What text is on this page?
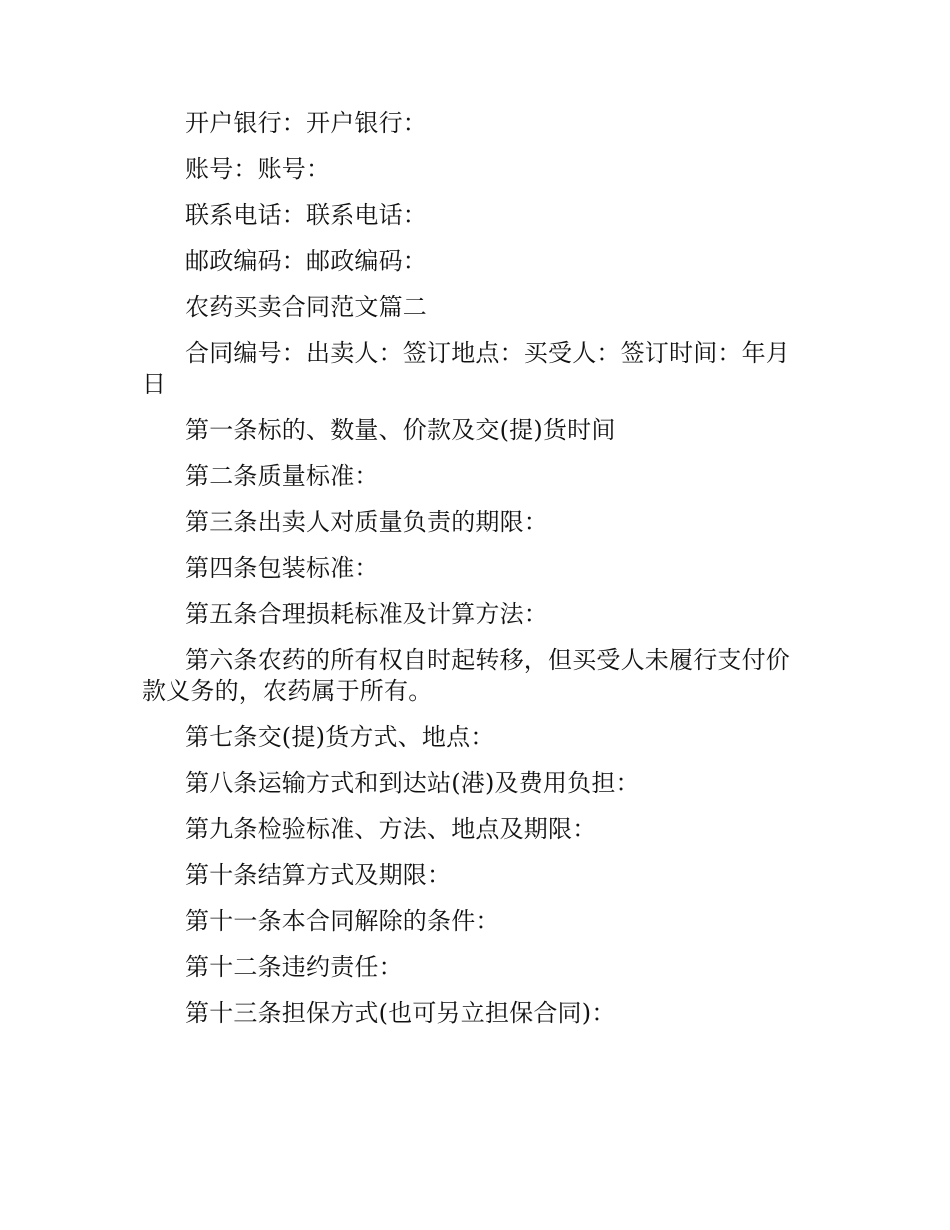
开户银行：开户银行：

账号：账号：

联系电话：联系电话：

邮政编码：邮政编码：

农药买卖合同范文篇二

合同编号：出卖人：签订地点：买受人：签订时间：年月日

第一条标的、数量、价款及交(提)货时间

第二条质量标准：

第三条出卖人对质量负责的期限：

第四条包装标准：

第五条合理损耗标准及计算方法：

第六条农药的所有权自时起转移，但买受人未履行支付价款义务的，农药属于所有。

第七条交(提)货方式、地点：

第八条运输方式和到达站(港)及费用负担：

第九条检验标准、方法、地点及期限：

第十条结算方式及期限：

第十一条本合同解除的条件：

第十二条违约责任：

第十三条担保方式(也可另立担保合同)：
